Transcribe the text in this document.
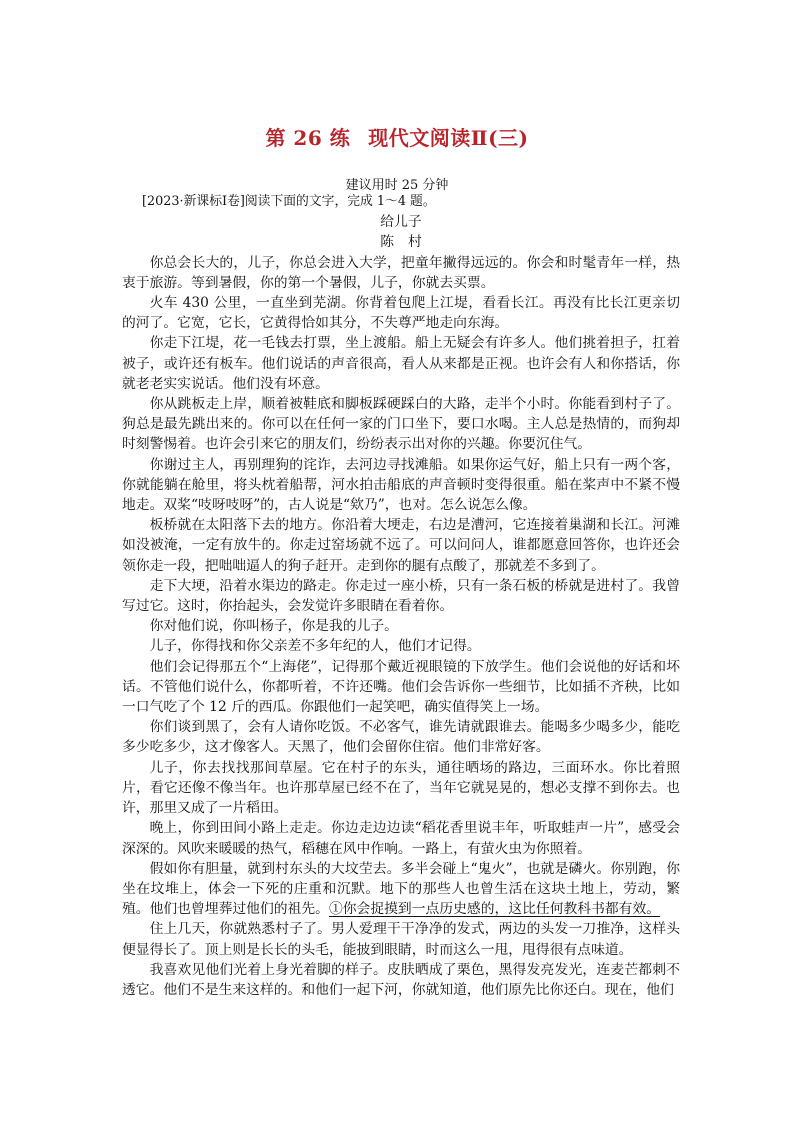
第 26 练 现代文阅读Ⅱ(三)
建议用时 25 分钟

[2023·新课标Ⅰ卷]阅读下面的文字，完成 1～4 题。

给儿子

陈村

你总会长大的，儿子，你总会进入大学，把童年撇得远远的。你会和时髦青年一样，热衷于旅游。等到暑假，你的第一个暑假，儿子，你就去买票。

火车 430 公里，一直坐到芜湖。你背着包爬上江堤，看看长江。再没有比长江更亲切的河了。它宽，它长，它黄得恰如其分，不失尊严地走向东海。

你走下江堤，花一毛钱去打票，坐上渡船。船上无疑会有许多人。他们挑着担子，扛着被子，或许还有板车。他们说话的声音很高，看人从来都是正视。也许会有人和你搭话，你就老老实实说话。他们没有坏意。

你从跳板走上岸，顺着被鞋底和脚板踩硬踩白的大路，走半个小时。你能看到村子了。狗总是最先跳出来的。你可以在任何一家的门口坐下，要口水喝。主人总是热情的，而狗却时刻警惕着。也许会引来它的朋友们，纷纷表示出对你的兴趣。你要沉住气。

你谢过主人，再别理狗的诧诈，去河边寻找滩船。如果你运气好，船上只有一两个客，你就能躺在舱里，将头枕着船帮，河水拍击船底的声音顿时变得很重。船在桨声中不紧不慢地走。双桨“吱呀吱呀”的，古人说是“欸乃”，也对。怎么说怎么像。

板桥就在太阳落下去的地方。你沿着大埂走，右边是漕河，它连接着巢湖和长江。河滩如没被淹，一定有放牛的。你走过窑场就不远了。可以问问人，谁都愿意回答你，也许还会领你走一段，把咄咄逼人的狗子赶开。走到你的腿有点酸了，那就差不多到了。

走下大埂，沿着水渠边的路走。你走过一座小桥，只有一条石板的桥就是进村了。我曾写过它。这时，你抬起头，会发觉许多眼睛在看着你。

你对他们说，你叫杨子，你是我的儿子。

儿子，你得找和你父亲差不多年纪的人，他们才记得。

他们会记得那五个“上海佬”，记得那个戴近视眼镜的下放学生。他们会说他的好话和坏话。不管他们说什么，你都听着，不许还嘴。他们会告诉你一些细节，比如插不齐秧，比如一口气吃了个 12 斤的西瓜。你跟他们一起笑吧，确实值得笑上一场。

你们谈到黑了，会有人请你吃饭。不必客气，谁先请就跟谁去。能喝多少喝多少，能吃多少吃多少，这才像客人。天黑了，他们会留你住宿。他们非常好客。

儿子，你去找找那间草屋。它在村子的东头，通往晒场的路边，三面环水。你比着照片，看它还像不像当年。也许那草屋已经不在了，当年它就晃晃的，想必支撑不到你去。也许，那里又成了一片稻田。

晚上，你到田间小路上走走。你边走边边读“稻花香里说丰年，听取蛙声一片”，感受会深深的。风吹来暖暖的热气，稻穗在风中作响。一路上，有萤火虫为你照着。

假如你有胆量，就到村东头的大坟茔去。多半会碰上“鬼火”，也就是磷火。你别跑，你坐在坟堆上，体会一下死的庄重和沉默。地下的那些人也曾生活在这块土地上，劳动，繁殖。他们也曾埋葬过他们的祖先。①你会捉摸到一点历史感的，这比任何教科书都有效。

住上几天，你就熟悉村子了。男人爱理干干净净的发式，两边的头发一刀推净，这样头便显得长了。顶上则是长长的头毛，能披到眼睛，时而这么一甩，甩得很有点味道。

我喜欢见他们光着上身光着脚的样子。皮肤晒成了栗色，黑得发亮发光，连麦芒都刺不透它。他们不是生来这样的。和他们一起下河，你就知道，他们原先比你还白。现在，他们
